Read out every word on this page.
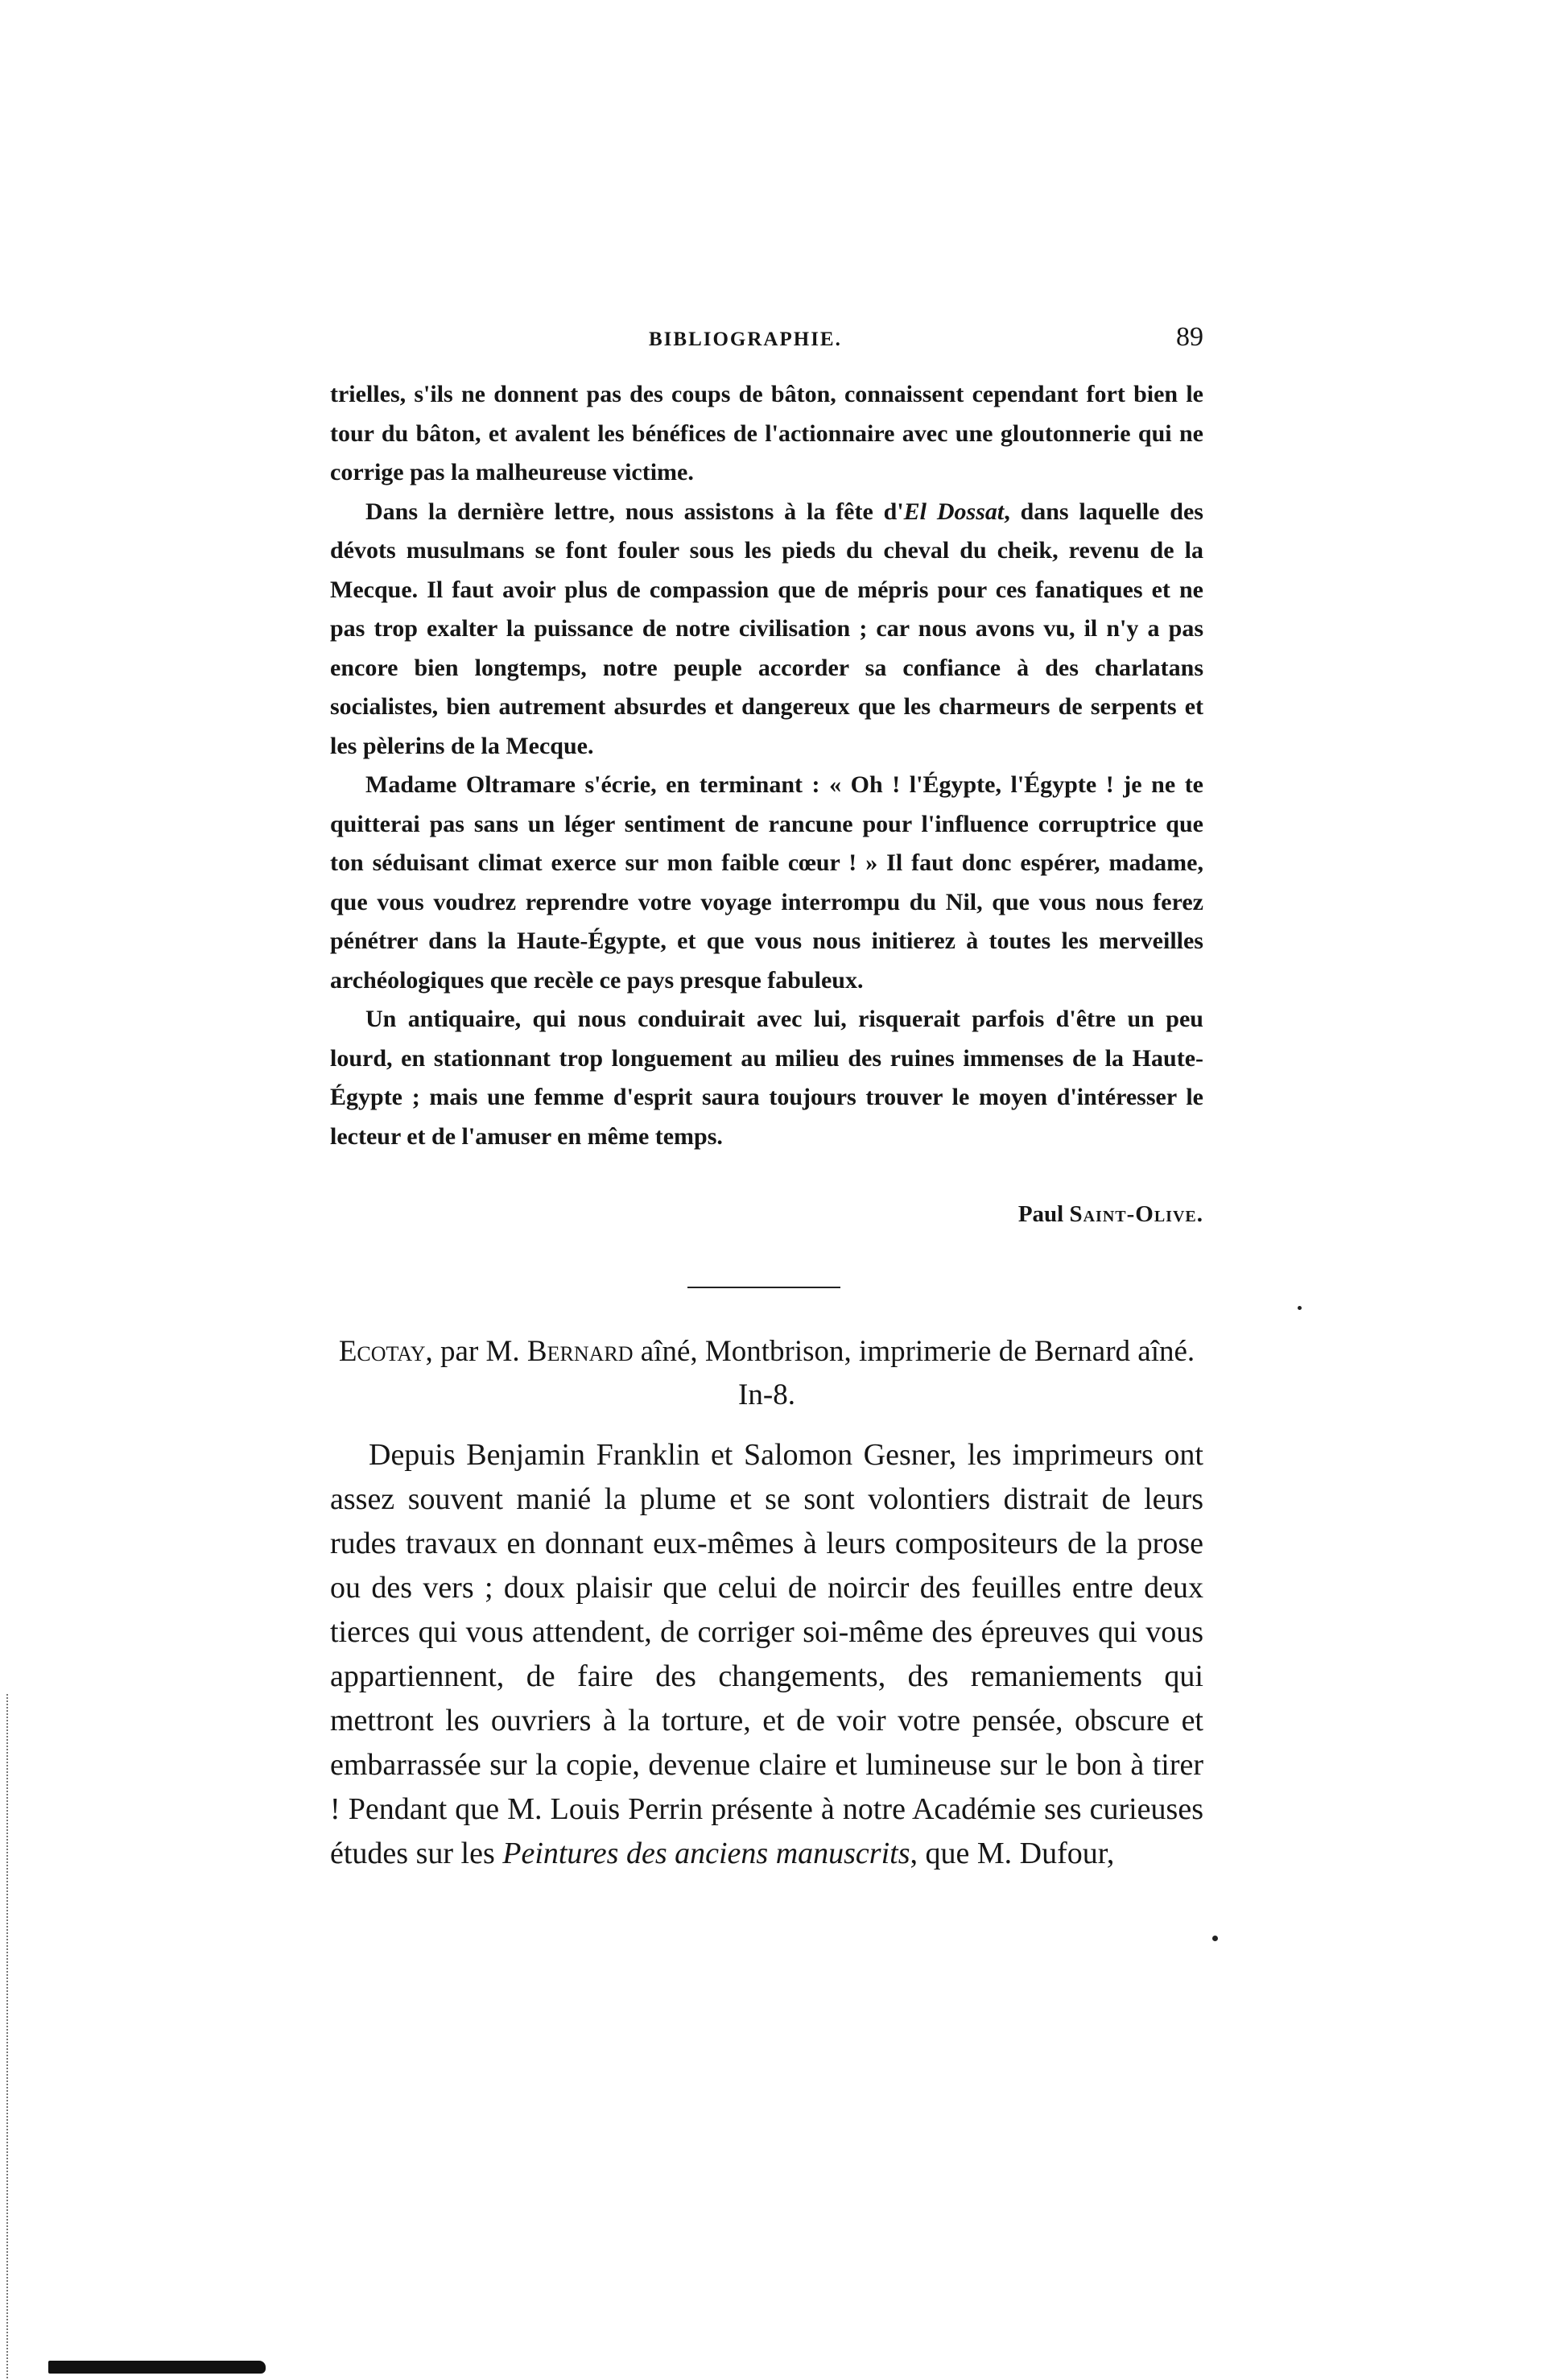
BIBLIOGRAPHIE.	89

trielles, s'ils ne donnent pas des coups de bâton, connaissent cependant fort bien le tour du bâton, et avalent les bénéfices de l'actionnaire avec une gloutonnerie qui ne corrige pas la malheureuse victime.

Dans la dernière lettre, nous assistons à la fête d'El Dossat, dans laquelle des dévots musulmans se font fouler sous les pieds du cheval du cheik, revenu de la Mecque. Il faut avoir plus de compassion que de mépris pour ces fanatiques et ne pas trop exalter la puissance de notre civilisation ; car nous avons vu, il n'y a pas encore bien longtemps, notre peuple accorder sa confiance à des charlatans socialistes, bien autrement absurdes et dangereux que les charmeurs de serpents et les pèlerins de la Mecque.

Madame Oltramare s'écrie, en terminant : « Oh ! l'Égypte, l'Égypte ! je ne te quitterai pas sans un léger sentiment de rancune pour l'influence corruptrice que ton séduisant climat exerce sur mon faible cœur ! » Il faut donc espérer, madame, que vous voudrez reprendre votre voyage interrompu du Nil, que vous nous ferez pénétrer dans la Haute-Égypte, et que vous nous initierez à toutes les merveilles archéologiques que recèle ce pays presque fabuleux.

Un antiquaire, qui nous conduirait avec lui, risquerait parfois d'être un peu lourd, en stationnant trop longuement au milieu des ruines immenses de la Haute-Égypte ; mais une femme d'esprit saura toujours trouver le moyen d'intéresser le lecteur et de l'amuser en même temps.

Paul Saint-Olive.
Ecotay, par M. Bernard aîné, Montbrison, imprimerie de Bernard aîné. In-8.

Depuis Benjamin Franklin et Salomon Gesner, les imprimeurs ont assez souvent manié la plume et se sont volontiers distrait de leurs rudes travaux en donnant eux-mêmes à leurs compositeurs de la prose ou des vers ; doux plaisir que celui de noircir des feuilles entre deux tierces qui vous attendent, de corriger soi-même des épreuves qui vous appartiennent, de faire des changements, des remaniements qui mettront les ouvriers à la torture, et de voir votre pensée, obscure et embarrassée sur la copie, devenue claire et lumineuse sur le bon à tirer ! Pendant que M. Louis Perrin présente à notre Académie ses curieuses études sur les Peintures des anciens manuscrits, que M. Dufour,
